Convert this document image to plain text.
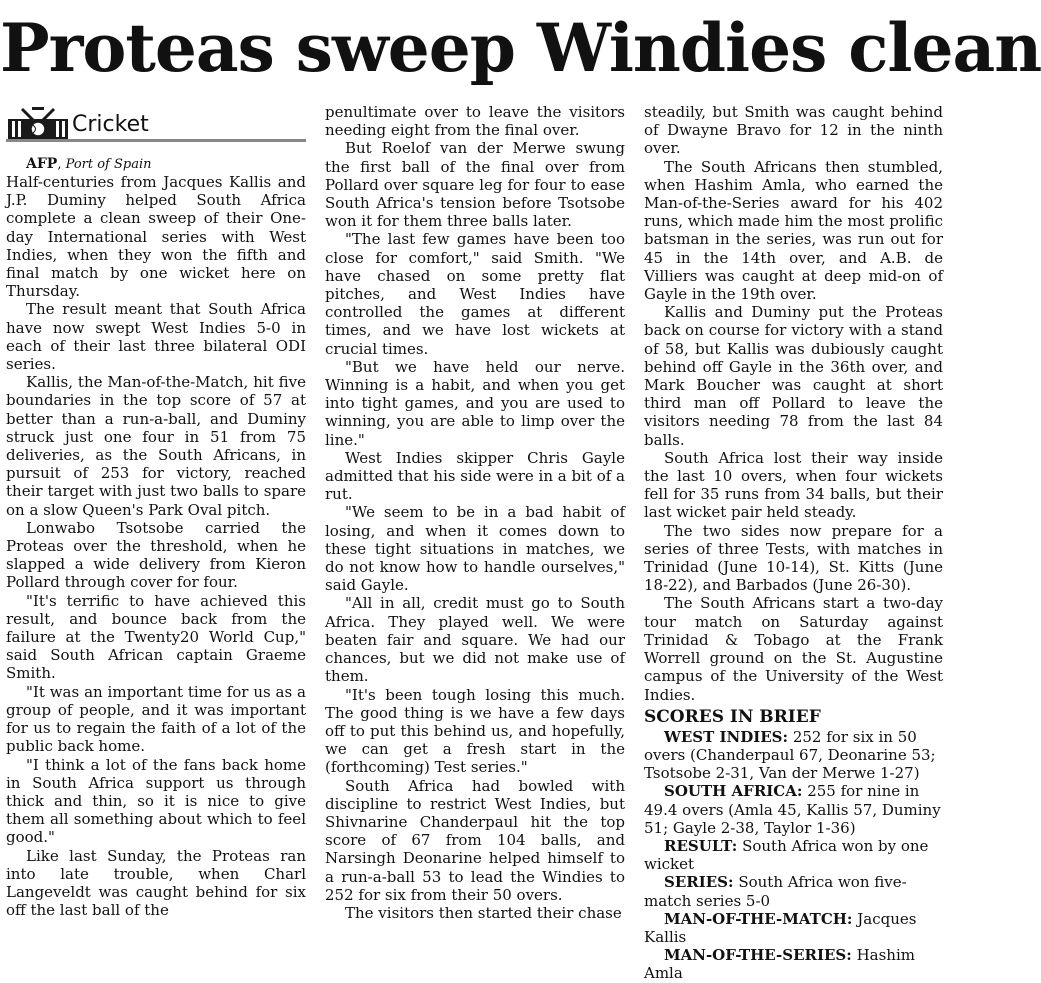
Proteas sweep Windies clean
Cricket

AFP, Port of Spain

Half-centuries from Jacques Kallis and J.P. Duminy helped South Africa complete a clean sweep of their One-day International series with West Indies, when they won the fifth and final match by one wicket here on Thursday.

The result meant that South Africa have now swept West Indies 5-0 in each of their last three bilateral ODI series.

Kallis, the Man-of-the-Match, hit five boundaries in the top score of 57 at better than a run-a-ball, and Duminy struck just one four in 51 from 75 deliveries, as the South Africans, in pursuit of 253 for victory, reached their target with just two balls to spare on a slow Queen's Park Oval pitch.

Lonwabo Tsotsobe carried the Proteas over the threshold, when he slapped a wide delivery from Kieron Pollard through cover for four.

"It's terrific to have achieved this result, and bounce back from the failure at the Twenty20 World Cup," said South African captain Graeme Smith.

"It was an important time for us as a group of people, and it was important for us to regain the faith of a lot of the public back home.

"I think a lot of the fans back home in South Africa support us through thick and thin, so it is nice to give them all something about which to feel good."

Like last Sunday, the Proteas ran into late trouble, when Charl Langeveldt was caught behind for six off the last ball of the

penultimate over to leave the visitors needing eight from the final over.

But Roelof van der Merwe swung the first ball of the final over from Pollard over square leg for four to ease South Africa's tension before Tsotsobe won it for them three balls later.

"The last few games have been too close for comfort," said Smith. "We have chased on some pretty flat pitches, and West Indies have controlled the games at different times, and we have lost wickets at crucial times.

"But we have held our nerve. Winning is a habit, and when you get into tight games, and you are used to winning, you are able to limp over the line."

West Indies skipper Chris Gayle admitted that his side were in a bit of a rut.

"We seem to be in a bad habit of losing, and when it comes down to these tight situations in matches, we do not know how to handle ourselves," said Gayle.

"All in all, credit must go to South Africa. They played well. We were beaten fair and square. We had our chances, but we did not make use of them.

"It's been tough losing this much. The good thing is we have a few days off to put this behind us, and hopefully, we can get a fresh start in the (forthcoming) Test series."

South Africa had bowled with discipline to restrict West Indies, but Shivnarine Chanderpaul hit the top score of 67 from 104 balls, and Narsingh Deonarine helped himself to a run-a-ball 53 to lead the Windies to 252 for six from their 50 overs.

The visitors then started their chase

steadily, but Smith was caught behind of Dwayne Bravo for 12 in the ninth over.

The South Africans then stumbled, when Hashim Amla, who earned the Man-of-the-Series award for his 402 runs, which made him the most prolific batsman in the series, was run out for 45 in the 14th over, and A.B. de Villiers was caught at deep mid-on of Gayle in the 19th over.

Kallis and Duminy put the Proteas back on course for victory with a stand of 58, but Kallis was dubiously caught behind off Gayle in the 36th over, and Mark Boucher was caught at short third man off Pollard to leave the visitors needing 78 from the last 84 balls.

South Africa lost their way inside the last 10 overs, when four wickets fell for 35 runs from 34 balls, but their last wicket pair held steady.

The two sides now prepare for a series of three Tests, with matches in Trinidad (June 10-14), St. Kitts (June 18-22), and Barbados (June 26-30).

The South Africans start a two-day tour match on Saturday against Trinidad & Tobago at the Frank Worrell ground on the St. Augustine campus of the University of the West Indies.

SCORES IN BRIEF

WEST INDIES: 252 for six in 50 overs (Chanderpaul 67, Deonarine 53; Tsotsobe 2-31, Van der Merwe 1-27)

SOUTH AFRICA: 255 for nine in 49.4 overs (Amla 45, Kallis 57, Duminy 51; Gayle 2-38, Taylor 1-36)

RESULT: South Africa won by one wicket

SERIES: South Africa won five-match series 5-0

MAN-OF-THE-MATCH: Jacques Kallis

MAN-OF-THE-SERIES: Hashim Amla
